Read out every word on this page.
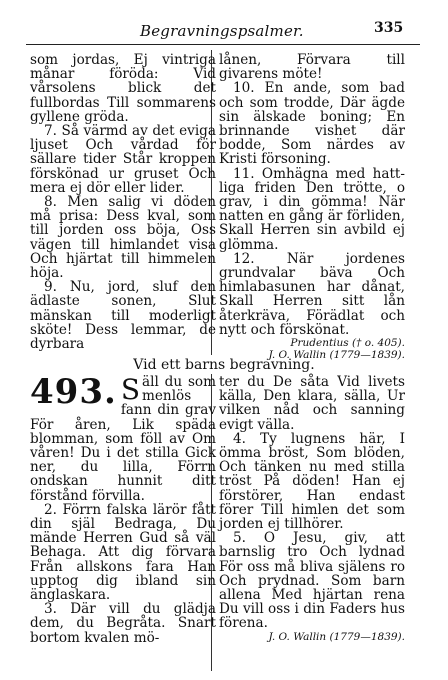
Begravningspsalmer.	335

som jordas, Ej vintriga månar föröda: Vid vårsolens blick det fullbordas Till sommarens gyllene gröda.

7. Så värmd av det eviga ljuset Och vårdad för sällare tider Står kroppen förskönad ur gruset Och mera ej dör eller lider.

8. Men salig vi döden må prisa: Dess kval, som till jorden oss böja, Oss vägen till himlandet visa Och hjärtat till himmelen höja.

9. Nu, jord, sluf den ädlaste sonen, Slut mänskan till moderligt sköte! Dess lemmar, de dyrbara

lånen, Förvara till givarens möte!

10. En ande, som bad och som trodde, Där ägde sin älskade boning; En brinnande vishet där bodde, Som närdes av Kristi försoning.

11. Omhägna med hatt-liga friden Den trötte, o grav, i din gömma! När natten en gång är förliden, Skall Herren sin avbild ej glömma.

12. När jordenes grundvalar bäva Och himlabasunen har dånat, Skall Herren sitt lån återkräva, Förädlat och nytt och förskönat.

Prudentius († o. 405).
J. O. Wallin (1779—1839).
Vid ett barns begravning.
493. S äll du som menlös fann din grav För åren, Lik späda blomman, som föll av Om våren! Du i det stilla Gick ner, du lilla, Förrn ondskan hunnit ditt förstånd förvilla.

2. Förrn falska lärör fått din själ Bedraga, Du mände Herren Gud så väl Behaga. Att dig förvara Från allskons fara Han upptog dig ibland sin änglaskara.

3. Där vill du glädja dem, du Begråta. Snart bortom kvalen mö-

ter du De såta Vid livets källa, Den klara, sälla, Ur vilken nåd och sanning evigt välla.

4. Ty lugnens här, I ömma bröst, Som blöden, Och tänken nu med stilla tröst På döden! Han ej förstörer, Han endast förer Till himlen det som jorden ej tillhörer.

5. O Jesu, giv, att barnslig tro Och lydnad För oss må bliva själens ro Och prydnad. Som barn allena Med hjärtan rena Du vill oss i din Faders hus förena.

J. O. Wallin (1779—1839).
